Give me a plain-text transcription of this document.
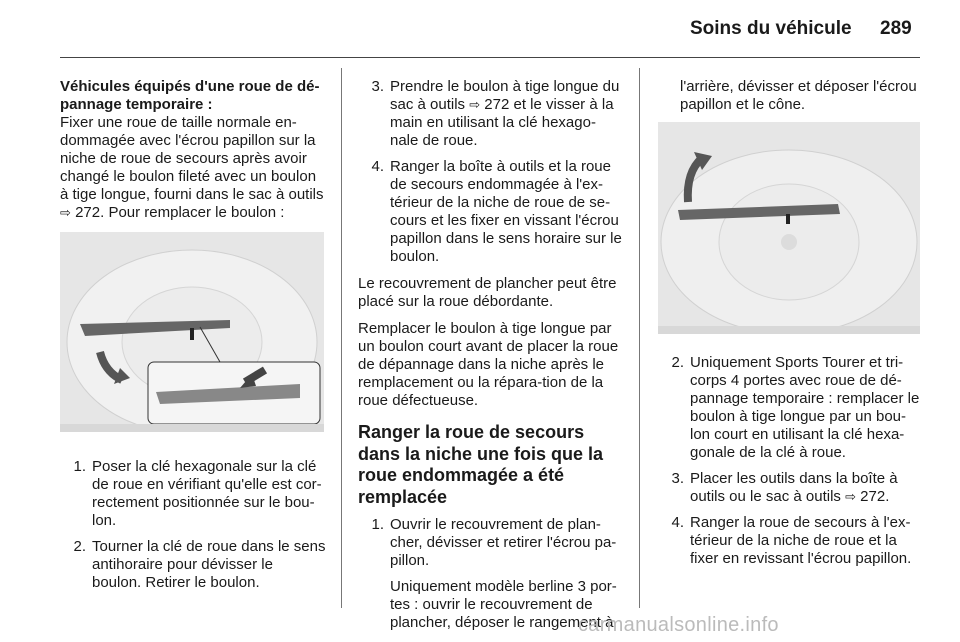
Soins du véhicule 289

Véhicules équipés d'une roue de dé-pannage temporaire :

Fixer une roue de taille normale en-dommagée avec l'écrou papillon sur la niche de roue de secours après avoir changé le boulon fileté avec un boulon à tige longue, fourni dans le sac à outils ⇨ 272. Pour remplacer le boulon :

1. Poser la clé hexagonale sur la clé de roue en vérifiant qu'elle est cor-rectement positionnée sur le bou-lon.
2. Tourner la clé de roue dans le sens antihoraire pour dévisser le boulon. Retirer le boulon.
3. Prendre le boulon à tige longue du sac à outils ⇨ 272 et le visser à la main en utilisant la clé hexago-nale de roue.
4. Ranger la boîte à outils et la roue de secours endommagée à l'ex-térieur de la niche de roue de se-cours et les fixer en vissant l'écrou papillon dans le sens horaire sur le boulon.

Le recouvrement de plancher peut être placé sur la roue débordante.

Remplacer le boulon à tige longue par un boulon court avant de placer la roue de dépannage dans la niche après le remplacement ou la répara-tion de la roue défectueuse.

Ranger la roue de secours dans la niche une fois que la roue endommagée a été remplacée

1. Ouvrir le recouvrement de plan-cher, dévisser et retirer l'écrou pa-pillon.

Uniquement modèle berline 3 por-tes : ouvrir le recouvrement de plancher, déposer le rangement à

l'arrière, dévisser et déposer l'écrou papillon et le cône.

2. Uniquement Sports Tourer et tri-corps 4 portes avec roue de dé-pannage temporaire : remplacer le boulon à tige longue par un bou-lon court en utilisant la clé hexa-gonale de la clé à roue.
3. Placer les outils dans la boîte à outils ou le sac à outils ⇨ 272.
4. Ranger la roue de secours à l'ex-térieur de la niche de roue et la fixer en revissant l'écrou papillon.
carmanualsonline.info
